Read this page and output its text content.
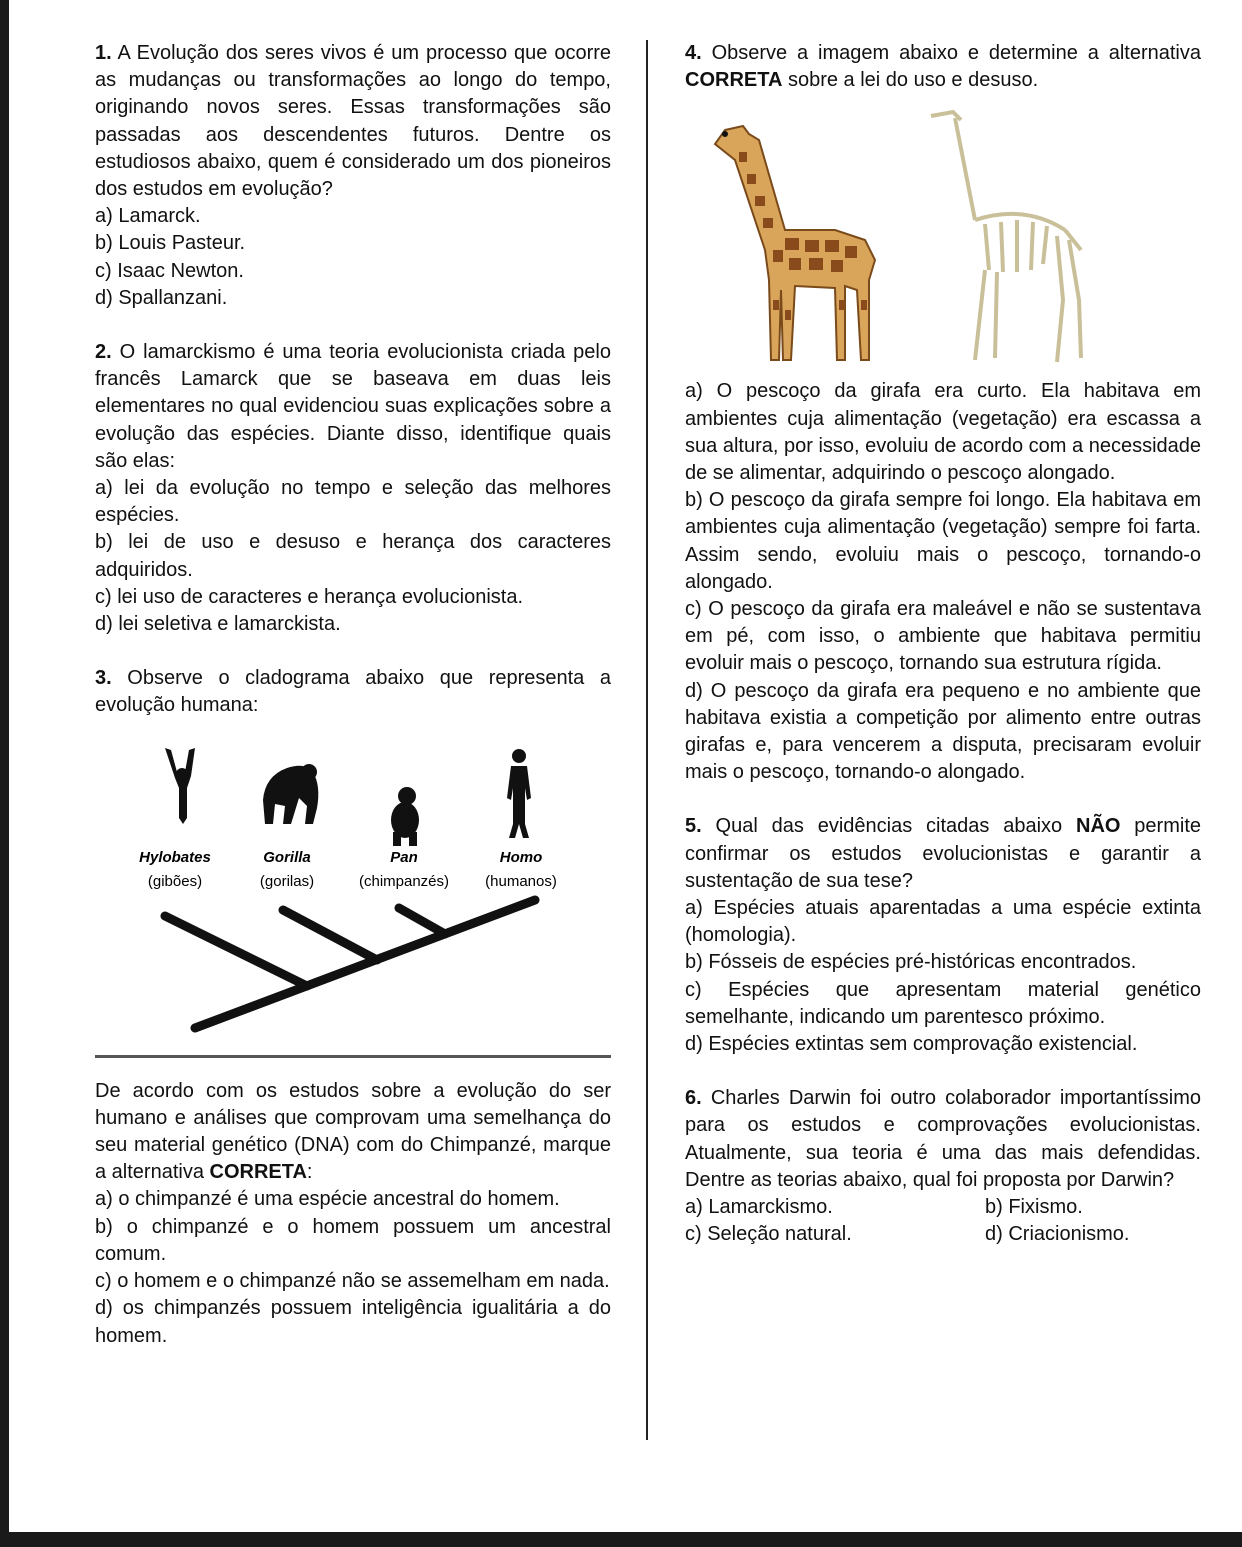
1. A Evolução dos seres vivos é um processo que ocorre as mudanças ou transformações ao longo do tempo, originando novos seres. Essas transformações são passadas aos descendentes futuros. Dentre os estudiosos abaixo, quem é considerado um dos pioneiros dos estudos em evolução?

a) Lamarck.
b) Louis Pasteur.
c) Isaac Newton.
d) Spallanzani.

2. O lamarckismo é uma teoria evolucionista criada pelo francês Lamarck que se baseava em duas leis elementares no qual evidenciou suas explicações sobre a evolução das espécies. Diante disso, identifique quais são elas:

a) lei da evolução no tempo e seleção das melhores espécies.

b) lei de uso e desuso e herança dos caracteres adquiridos.

c) lei uso de caracteres e herança evolucionista.

d) lei seletiva e lamarckista.

3. Observe o cladograma abaixo que representa a evolução humana:

Hylobates
(gibões)
Gorilla
(gorilas)
Pan
(chimpanzés)
Homo
(humanos)

De acordo com os estudos sobre a evolução do ser humano e análises que comprovam uma semelhança do seu material genético (DNA) com do Chimpanzé, marque a alternativa CORRETA:

a) o chimpanzé é uma espécie ancestral do homem.

b) o chimpanzé e o homem possuem um ancestral comum.

c) o homem e o chimpanzé não se assemelham em nada.

d) os chimpanzés possuem inteligência igualitária a do homem.

4. Observe a imagem abaixo e determine a alternativa CORRETA sobre a lei do uso e desuso.

a) O pescoço da girafa era curto. Ela habitava em ambientes cuja alimentação (vegetação) era escassa a sua altura, por isso, evoluiu de acordo com a necessidade de se alimentar, adquirindo o pescoço alongado.

b) O pescoço da girafa sempre foi longo. Ela habitava em ambientes cuja alimentação (vegetação) sempre foi farta. Assim sendo, evoluiu mais o pescoço, tornando-o alongado.

c) O pescoço da girafa era maleável e não se sustentava em pé, com isso, o ambiente que habitava permitiu evoluir mais o pescoço, tornando sua estrutura rígida.

d) O pescoço da girafa era pequeno e no ambiente que habitava existia a competição por alimento entre outras girafas e, para vencerem a disputa, precisaram evoluir mais o pescoço, tornando-o alongado.

5. Qual das evidências citadas abaixo NÃO permite confirmar os estudos evolucionistas e garantir a sustentação de sua tese?

a) Espécies atuais aparentadas a uma espécie extinta (homologia).

b) Fósseis de espécies pré-históricas encontrados.

c) Espécies que apresentam material genético semelhante, indicando um parentesco próximo.

d) Espécies extintas sem comprovação existencial.

6. Charles Darwin foi outro colaborador importantíssimo para os estudos e comprovações evolucionistas. Atualmente, sua teoria é uma das mais defendidas. Dentre as teorias abaixo, qual foi proposta por Darwin?

a) Lamarckismo.	b) Fixismo.
c) Seleção natural.	d) Criacionismo.
